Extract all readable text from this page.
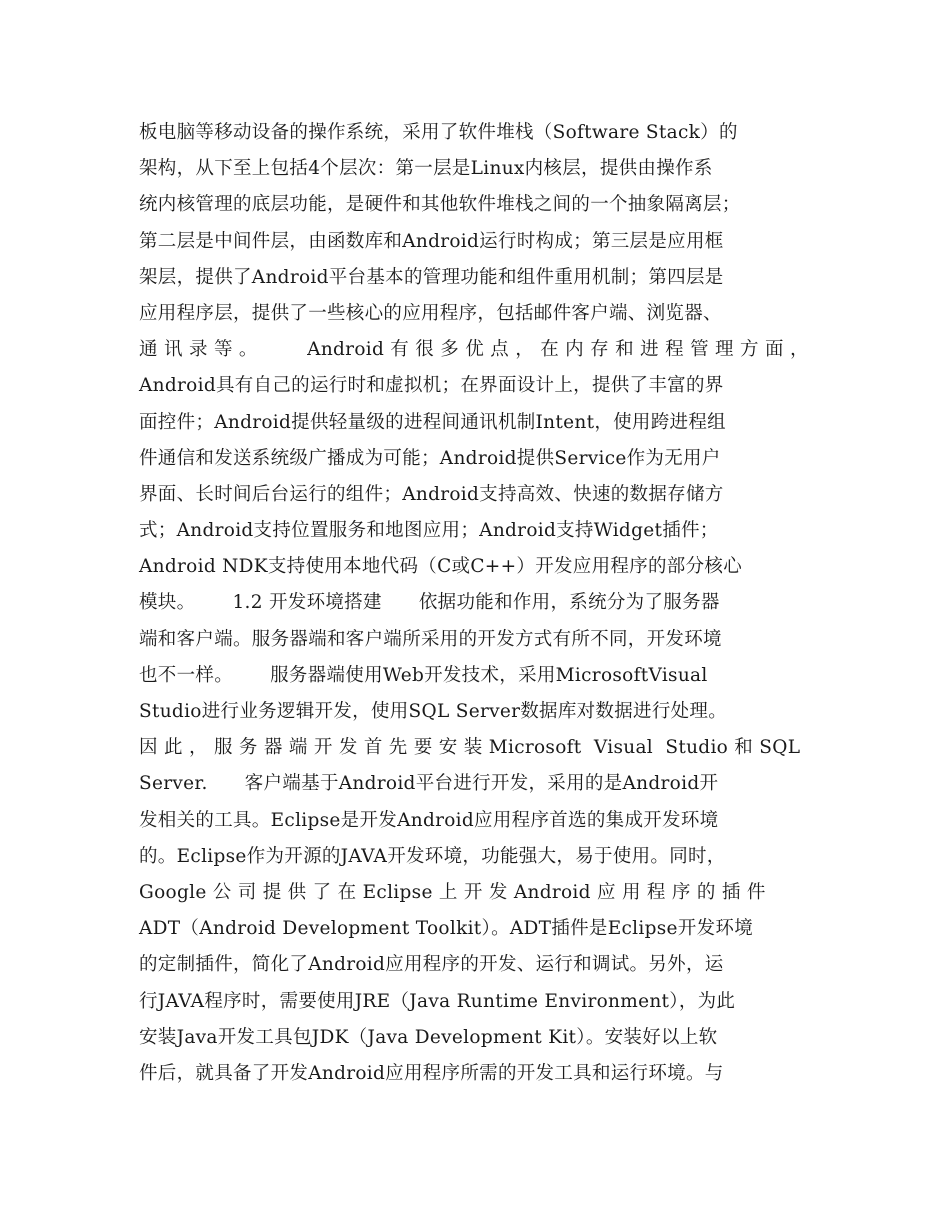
板电脑等移动设备的操作系统，采用了软件堆栈（Software Stack）的
架构，从下至上包括4个层次：第一层是Linux内核层，提供由操作系
统内核管理的底层功能，是硬件和其他软件堆栈之间的一个抽象隔离层；
第二层是中间件层，由函数库和Android运行时构成；第三层是应用框
架层，提供了Android平台基本的管理功能和组件重用机制；第四层是
应用程序层，提供了一些核心的应用程序，包括邮件客户端、浏览器、
通 讯 录 等 。        Android 有 很 多 优 点 ， 在 内 存 和 进 程 管 理 方 面 ，
Android具有自己的运行时和虚拟机；在界面设计上，提供了丰富的界
面控件；Android提供轻量级的进程间通讯机制Intent，使用跨进程组
件通信和发送系统级广播成为可能；Android提供Service作为无用户
界面、长时间后台运行的组件；Android支持高效、快速的数据存储方
式；Android支持位置服务和地图应用；Android支持Widget插件；
Android NDK支持使用本地代码（C或C++）开发应用程序的部分核心
模块。      1.2 开发环境搭建      依据功能和作用，系统分为了服务器
端和客户端。服务器端和客户端所采用的开发方式有所不同，开发环境
也不一样。      服务器端使用Web开发技术，采用MicrosoftVisual
Studio进行业务逻辑开发，使用SQL Server数据库对数据进行处理。
因 此 ， 服 务 器 端 开 发 首 先 要 安 装 Microsoft  Visual  Studio 和 SQL
Server.      客户端基于Android平台进行开发，采用的是Android开
发相关的工具。Eclipse是开发Android应用程序首选的集成开发环境
的。Eclipse作为开源的JAVA开发环境，功能强大，易于使用。同时，
Google 公 司 提 供 了 在 Eclipse 上 开 发 Android 应 用 程 序 的 插 件
ADT（Android Development Toolkit）。ADT插件是Eclipse开发环境
的定制插件，简化了Android应用程序的开发、运行和调试。另外，运
行JAVA程序时，需要使用JRE（Java Runtime Environment），为此
安装Java开发工具包JDK（Java Development Kit）。安装好以上软
件后，就具备了开发Android应用程序所需的开发工具和运行环境。与
